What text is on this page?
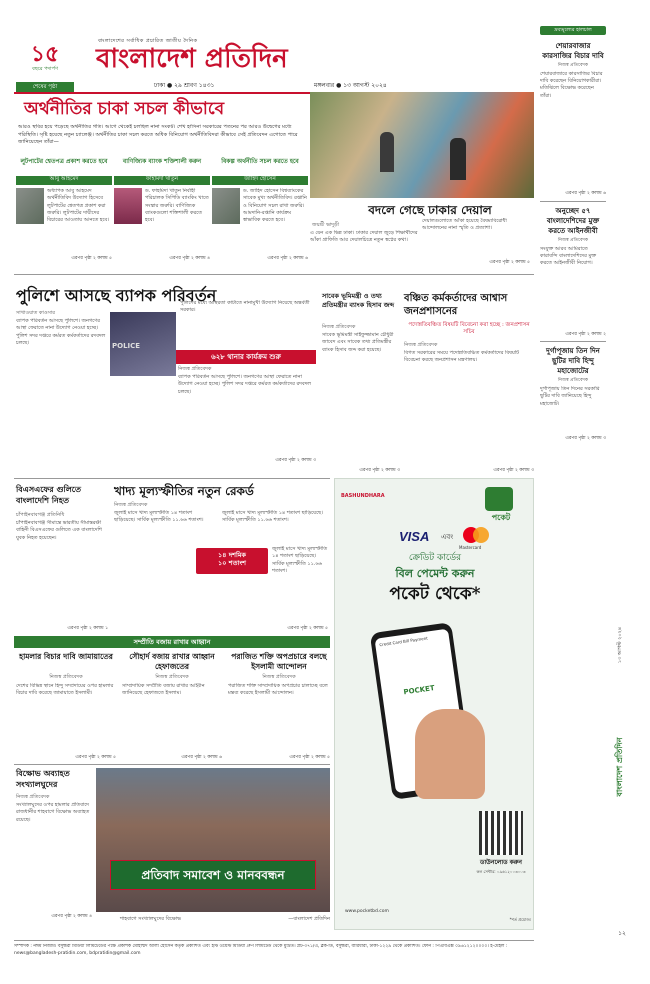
১৫
বছরে পদার্পণ
বাংলাদেশের সর্বাধিক প্রচারিত জাতীয় দৈনিক
বাংলাদেশ প্রতিদিন
শেষের পৃষ্ঠা	ঢাকা ● ২৯ শ্রাবণ ১৪৩১	মঙ্গলবার ● ১৩ আগস্ট ২০২৪
অর্থনীতির চাকা সচল কীভাবে
আরও স্থবির হয়ে পড়েছে অর্থনীতির গতি। আগে থেকেই চলছিল নানা সংকট। শেখ হাসিনা সরকারের পতনের পর আরও উদ্বেগের মধ্যে পরিস্থিতি। সৃষ্টি হয়েছে নতুন চ্যালেঞ্জ। অর্থনীতির চাকা সচল করতে অধিক বিনিয়োগ অর্থনীতিবিদরা কীভাবে সেই প্রতিবেদন এগোতে পারে জানিয়েছেন তাঁরা—
লুটপাটের শ্বেতপত্র প্রকাশ করতে হবে
আবু আহমেদ
অধ্যাপক আবু আহমেদ অর্থনীতিবিদ উদ্যোগ হিসেবে লুটপাটের শ্বেতপত্র প্রকাশ করা জরুরি। লুটপাটের দায়ীদের বিচারের আওতায় আনতে হবে।
এরপর পৃষ্ঠা ২ কলাম ৫
বাণিজ্যিক ব্যাংক শক্তিশালী করুন
ফাহমিদা খাতুন
ড. ফাহমিদা খাতুন নির্বাহী পরিচালক সিপিডি ব্যাংকিং খাতে সংস্কার জরুরি। বাণিজ্যিক ব্যাংকগুলো শক্তিশালী করতে হবে।
এরপর পৃষ্ঠা ২ কলাম ৪
বিকল্প অর্থনীতি সচল করতে হবে
জাহিদ হোসেন
ড. জাহিদ হোসেন বিশ্বব্যাংকের সাবেক মুখ্য অর্থনীতিবিদ। রপ্তানি ও বিনিয়োগ সচল রাখা জরুরি। আমদানি-রপ্তানি কার্যক্রম স্বাভাবিক করতে হবে।
এরপর পৃষ্ঠা ২ কলাম ৬
বদলে গেছে ঢাকার দেয়াল
জয়শ্রী ভাদুড়ী
এ যেন এক ভিন্ন ঢাকা। ঢাকার দেয়াল জুড়ে শিক্ষার্থীদের আঁকা গ্রাফিতি আর দেয়ালচিত্রে নতুন স্বপ্নের কথা।
দেয়ালগুলোতে আঁকা হয়েছে বৈষম্যবিরোধী আন্দোলনের নানা স্মৃতি ও প্রত্যাশা।
এরপর পৃষ্ঠা ২ কলাম ৫
পুলিশে আসছে ব্যাপক পরিবর্তন
সাখাওয়াত কাওসার
ব্যাপক পরিবর্তন আসছে পুলিশে। জনগণের আস্থা ফেরাতে নানা উদ্যোগ নেওয়া হচ্ছে। পুলিশ সদর দপ্তরে কর্মরত কর্মকর্তাদের রদবদল চলছে।	POLICE
পুলিশের মধ্যে অস্থিরতা কাটাতে নানামুখী উদ্যোগ নিয়েছে অন্তর্বর্তী সরকার।
৬২৮ থানার কার্যক্রম শুরু
নিজস্ব প্রতিবেদক
ব্যাপক পরিবর্তন আসছে পুলিশে। জনগণের আস্থা ফেরাতে নানা উদ্যোগ নেওয়া হচ্ছে। পুলিশ সদর দপ্তরে কর্মরত কর্মকর্তাদের রদবদল চলছে।
এরপর পৃষ্ঠা ২ কলাম ৩
সাবেক ভূমিমন্ত্রী ও তথ্য প্রতিমন্ত্রীর ব্যাংক হিসাব জব্দ
নিজস্ব প্রতিবেদক
সাবেক ভূমিমন্ত্রী সাইফুজ্জামান চৌধুরী জাবেদ এবং সাবেক তথ্য প্রতিমন্ত্রীর ব্যাংক হিসাব জব্দ করা হয়েছে।
এরপর পৃষ্ঠা ২ কলাম ৩
বঞ্চিত কর্মকর্তাদের আশ্বাস জনপ্রশাসনের
পদোন্নতিবঞ্চিত বিষয়টি বিবেচনা করা হচ্ছে : জনপ্রশাসন সচিব
নিজস্ব প্রতিবেদক
বিগত সরকারের সময়ে পদোন্নতিবঞ্চিত কর্মকর্তাদের বিষয়টি বিবেচনা করছে জনপ্রশাসন মন্ত্রণালয়।
এরপর পৃষ্ঠা ২ কলাম ৩
বিএসএফের গুলিতে বাংলাদেশি নিহত
চাঁপাইনবাবগঞ্জ প্রতিনিধি
চাঁপাইনবাবগঞ্জ সীমান্তে ভারতীয় সীমান্তরক্ষী বাহিনী বিএসএফের গুলিতে এক বাংলাদেশি যুবক নিহত হয়েছেন।
এরপর পৃষ্ঠা ২ কলাম ১
খাদ্য মূল্যস্ফীতির নতুন রেকর্ড
নিজস্ব প্রতিবেদক
জুলাই মাসে খাদ্য মূল্যস্ফীতি ১৪ শতাংশ ছাড়িয়েছে। সার্বিক মূল্যস্ফীতি ১১.৬৬ শতাংশ।
১৪ দশমিক
১০ শতাংশ
জুলাই মাসে খাদ্য মূল্যস্ফীতি ১৪ শতাংশ ছাড়িয়েছে। সার্বিক মূল্যস্ফীতি ১১.৬৬ শতাংশ।
জুলাই মাসে খাদ্য মূল্যস্ফীতি ১৪ শতাংশ ছাড়িয়েছে। সার্বিক মূল্যস্ফীতি ১১.৬৬ শতাংশ।
এরপর পৃষ্ঠা ২ কলাম ৫
সম্প্রীতি বজায় রাখার আহ্বান
হামলার বিচার দাবি জামায়াতের
নিজস্ব প্রতিবেদক
দেশের বিভিন্ন স্থানে হিন্দু সম্প্রদায়ের ওপর হামলার বিচার দাবি করেছে জামায়াতে ইসলামী।
এরপর পৃষ্ঠা ২ কলাম ৫
সৌহার্দ বজায় রাখার আহ্বান হেফাজতের
নিজস্ব প্রতিবেদক
সাম্প্রদায়িক সম্প্রীতি বজায় রাখার আহ্বান জানিয়েছে হেফাজতে ইসলাম।
এরপর পৃষ্ঠা ২ কলাম ৬
পরাজিত শক্তি অপপ্রচারে বলছে ইসলামী আন্দোলন
নিজস্ব প্রতিবেদক
পরাজিত শক্তি সাম্প্রদায়িক অপপ্রচার চালাচ্ছে বলে মন্তব্য করেছে ইসলামী আন্দোলন।
এরপর পৃষ্ঠা ২ কলাম ৫
বিক্ষোভ অব্যাহত সংখ্যালঘুদের
নিজস্ব প্রতিবেদক
সংখ্যালঘুদের ওপর হামলার প্রতিবাদে রাজধানীর শাহবাগে বিক্ষোভ অব্যাহত রয়েছে।
এরপর পৃষ্ঠা ২ কলাম ৪
প্রতিবাদ সমাবেশ ও মানববন্ধন
শাহবাগে সংখ্যালঘুদের বিক্ষোভ	—বাংলাদেশ প্রতিদিন
BASHUNDHARA
পকেট
VISA	এবং
Mastercard
ক্রেডিট কার্ডের
বিল পেমেন্ট করুন
পকেট থেকে*
Credit Card Bill Payment
POCKET
ডাউনলোড করুন
কল সেন্টার: ০৯৬১২০০৩০০৩
www.pocketbd.com
*শর্ত প্রযোজ্য
দ্রব্যমূল্যের হালচাল
শেয়ারবাজার কারসাজির বিচার দাবি
নিজস্ব প্রতিবেদক
শেয়ারবাজারে কারসাজির বিচার দাবি করেছেন বিনিয়োগকারীরা। মতিঝিলে বিক্ষোভ করেছেন তাঁরা।
এরপর পৃষ্ঠা ২ কলাম ৬
অনুচ্ছেদ ৫৭ বাংলাদেশিদের মুক্ত করতে আইনজীবী
নিজস্ব প্রতিবেদক
সংযুক্ত আরব আমিরাতে কারাবন্দি বাংলাদেশিদের মুক্ত করতে আইনজীবী নিয়োগ।
এরপর পৃষ্ঠা ২ কলাম ২
দুর্গাপূজায় তিন দিন ছুটির দাবি হিন্দু মহাজোটের
নিজস্ব প্রতিবেদক
দুর্গাপূজায় তিন দিনের সরকারি ছুটির দাবি জানিয়েছে হিন্দু মহাজোট।
এরপর পৃষ্ঠা ২ কলাম ৩
বাংলাদেশ প্রতিদিন
১৩ আগস্ট ২০২৪
১২
সম্পাদক : নঈম নিজাম। বসুন্ধরা মিডিয়া লিমিটেডের পক্ষে প্রকাশক মোহাম্মদ আলী হোসেন কর্তৃক প্রকাশিত এবং ইস্ট ওয়েস্ট মিডিয়া গ্রুপ লিমিটেড থেকে মুদ্রিত। প্লট-৩৭১/এ, ব্লক-ডি, বসুন্ধরা, বারিধারা, ঢাকা-১২২৯ থেকে প্রকাশিত। ফোন : পিএবিএক্স ০৯৬১২১২০০০০। ই-মেইল : news@bangladesh-pratidin.com, bdpratidin@gmail.com
